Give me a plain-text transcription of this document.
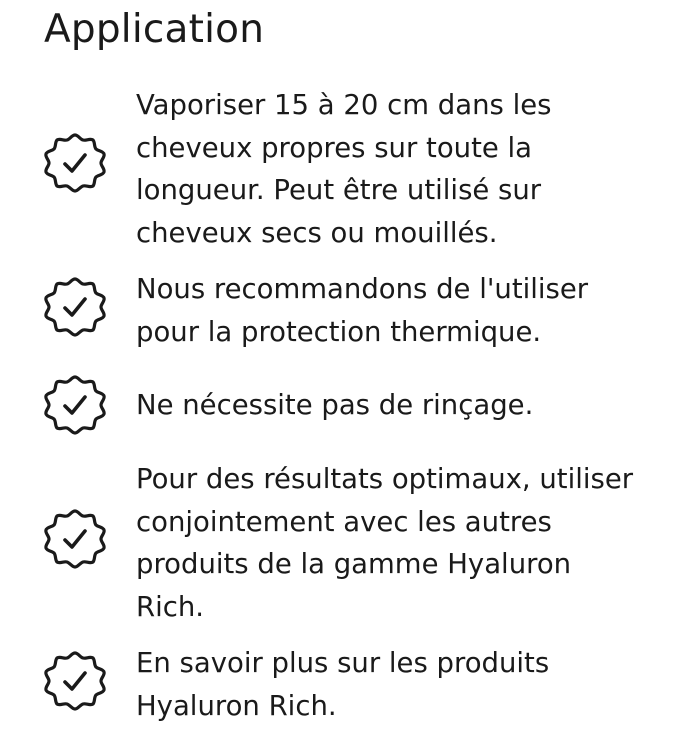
Application
Vaporiser 15 à 20 cm dans les
cheveux propres sur toute la
longueur. Peut être utilisé sur
cheveux secs ou mouillés.
Nous recommandons de l'utiliser
pour la protection thermique.
Ne nécessite pas de rinçage.
Pour des résultats optimaux, utiliser
conjointement avec les autres
produits de la gamme Hyaluron
Rich.
En savoir plus sur les produits
Hyaluron Rich.
